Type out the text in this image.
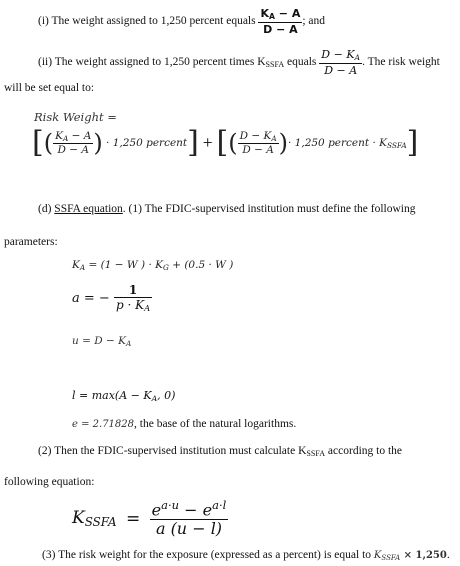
(i) The weight assigned to 1,250 percent equals $\frac{K_A - A}{D - A}$ ; and
(ii) The weight assigned to 1,250 percent times $K_{SSFA}$ equals $\frac{D - K_A}{D - A}$ . The risk weight
will be set equal to:
Risk Weight =
[( $\frac{K_A - A}{D - A}$ ) · 1,250 percent] + [( $\frac{D - K_A}{D - A}$ )· 1,250 percent · $K_{SSFA}$]
(d) SSFA equation. (1) The FDIC-supervised institution must define the following
parameters:
$K_A = (1 - W$ ) · $K_G + (0.5 \cdot W$ )
a = − $\frac{1}{p \cdot K_A}$
$u = D - K_A$
$l = \max(A - K_A$, 0)
e = 2.71828, the base of the natural logarithms.
(2) Then the FDIC-supervised institution must calculate $K_{SSFA}$ according to the
following equation:
$K_{SSFA} = \frac{e^{a\cdot u} - e^{a\cdot l}}{a (u - l)}$
(3) The risk weight for the exposure (expressed as a percent) is equal to $K_{SSFA} \times 1,250$.
